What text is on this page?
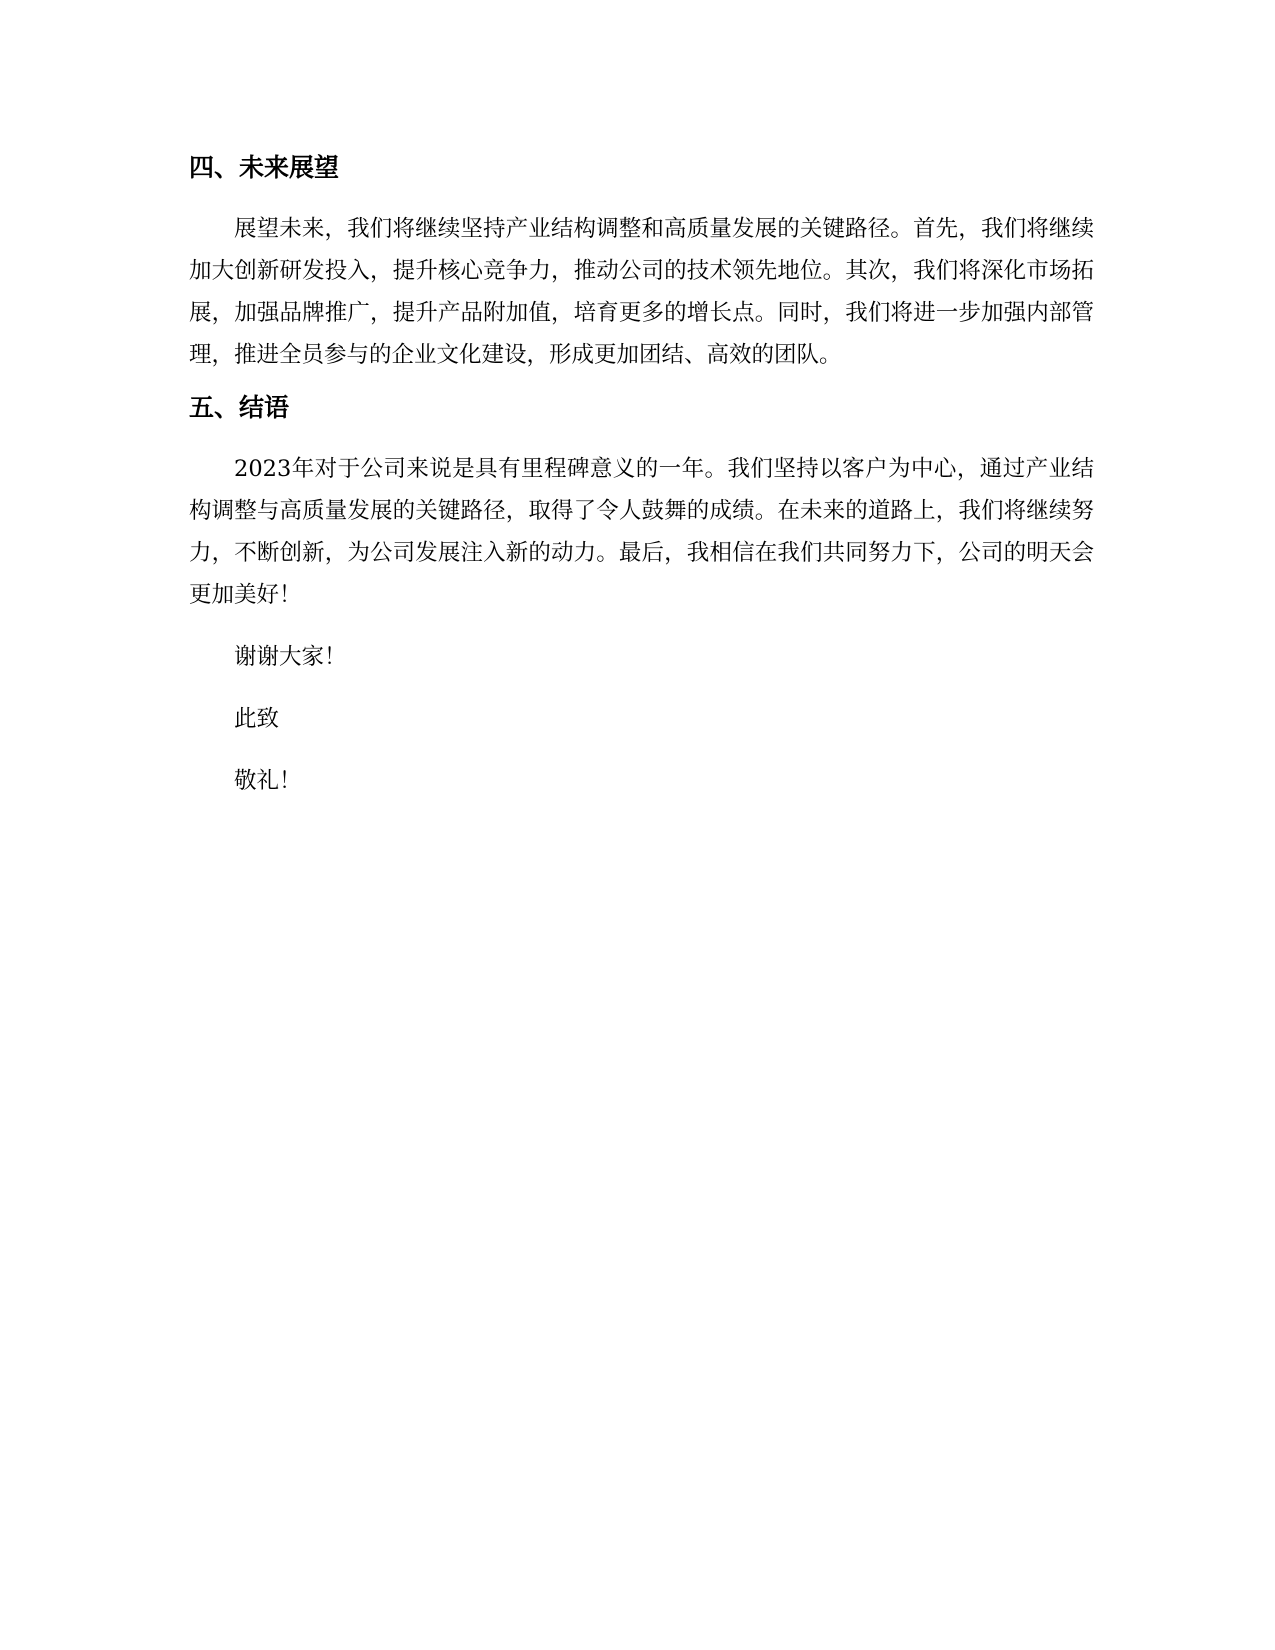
四、未来展望

展望未来，我们将继续坚持产业结构调整和高质量发展的关键路径。首先，我们将继续加大创新研发投入，提升核心竞争力，推动公司的技术领先地位。其次，我们将深化市场拓展，加强品牌推广，提升产品附加值，培育更多的增长点。同时，我们将进一步加强内部管理，推进全员参与的企业文化建设，形成更加团结、高效的团队。

五、结语

2023年对于公司来说是具有里程碑意义的一年。我们坚持以客户为中心，通过产业结构调整与高质量发展的关键路径，取得了令人鼓舞的成绩。在未来的道路上，我们将继续努力，不断创新，为公司发展注入新的动力。最后，我相信在我们共同努力下，公司的明天会更加美好！

谢谢大家！

此致

敬礼！
